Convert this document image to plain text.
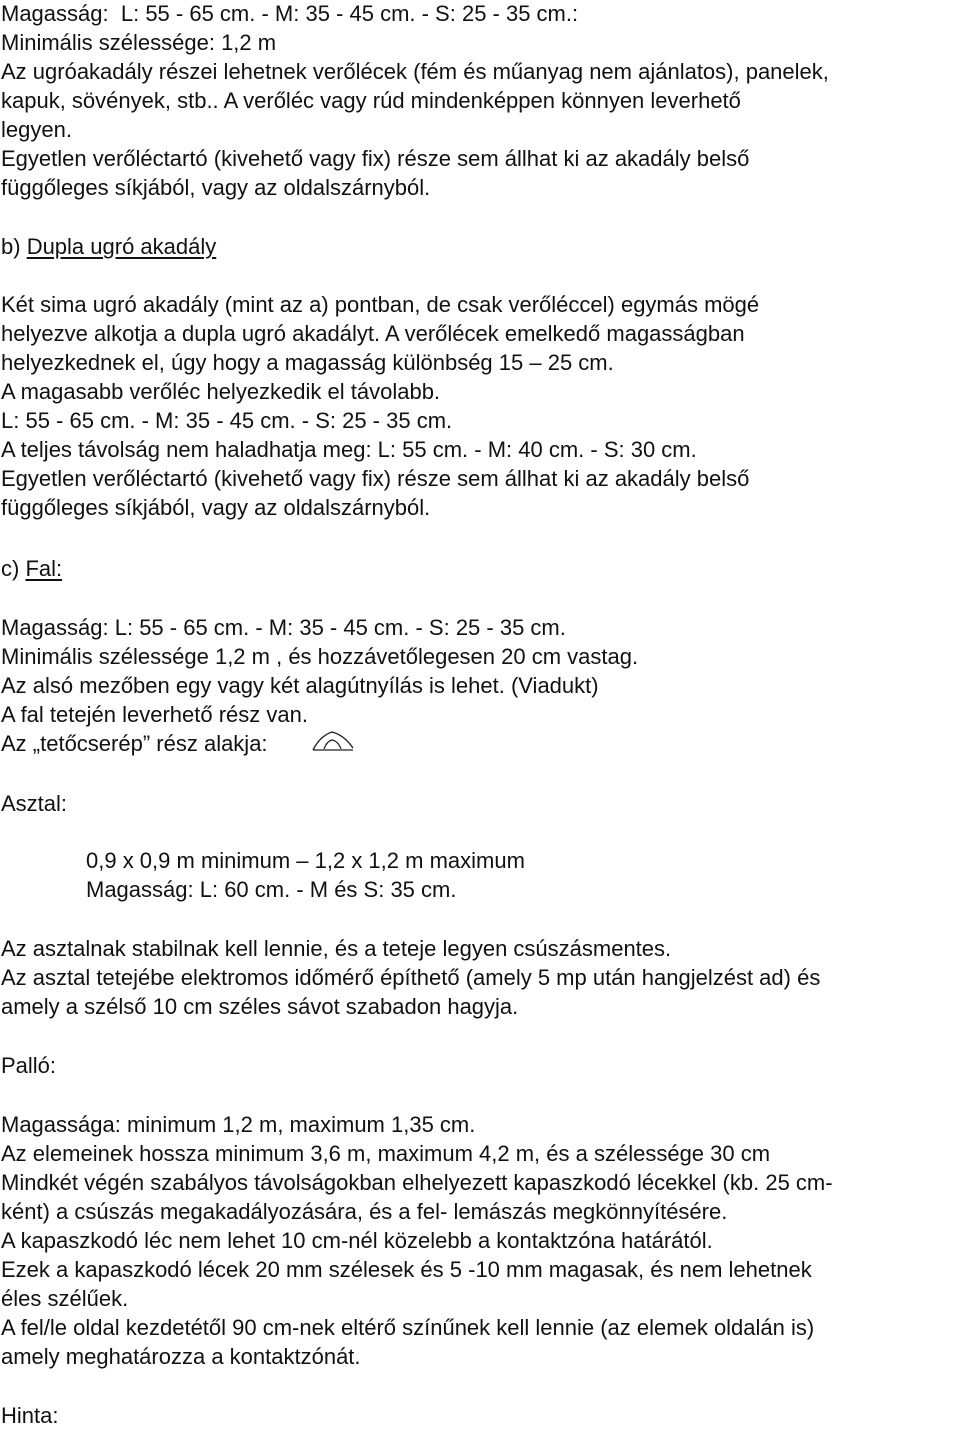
Magasság: L: 55 - 65 cm. - M: 35 - 45 cm. - S: 25 - 35 cm.:
Minimális szélessége: 1,2 m
Az ugróakadály részei lehetnek verőlécek (fém és műanyag nem ajánlatos), panelek,
kapuk, sövények, stb.. A verőléc vagy rúd mindenképpen könnyen leverhető
legyen.
Egyetlen verőléctartó (kivehető vagy fix) része sem állhat ki az akadály belső
függőleges síkjából, vagy az oldalszárnyból.
b) Dupla ugró akadály
Két sima ugró akadály (mint az a) pontban, de csak verőléccel) egymás mögé
helyezve alkotja a dupla ugró akadályt. A verőlécek emelkedő magasságban
helyezkednek el, úgy hogy a magasság különbség 15 – 25 cm.
A magasabb verőléc helyezkedik el távolabb.
L: 55 - 65 cm. - M: 35 - 45 cm. - S: 25 - 35 cm.
A teljes távolság nem haladhatja meg: L: 55 cm. - M: 40 cm. - S: 30 cm.
Egyetlen verőléctartó (kivehető vagy fix) része sem állhat ki az akadály belső
függőleges síkjából, vagy az oldalszárnyból.
c) Fal:
Magasság: L: 55 - 65 cm. - M: 35 - 45 cm. - S: 25 - 35 cm.
Minimális szélessége 1,2 m , és hozzávetőlegesen 20 cm vastag.
Az alsó mezőben egy vagy két alagútnyílás is lehet. (Viadukt)
A fal tetején leverhető rész van.
Az „tetőcserép” rész alakja:
Asztal:
0,9 x 0,9 m minimum – 1,2 x 1,2 m maximum
Magasság: L: 60 cm. - M és S: 35 cm.
Az asztalnak stabilnak kell lennie, és a teteje legyen csúszásmentes.
Az asztal tetejébe elektromos időmérő építhető (amely 5 mp után hangjelzést ad) és
amely a szélső 10 cm széles sávot szabadon hagyja.
Palló:
Magassága: minimum 1,2 m, maximum 1,35 cm.
Az elemeinek hossza minimum 3,6 m, maximum 4,2 m, és a szélessége 30 cm
Mindkét végén szabályos távolságokban elhelyezett kapaszkodó lécekkel (kb. 25 cm-
ként) a csúszás megakadályozására, és a fel- lemászás megkönnyítésére.
A kapaszkodó léc nem lehet 10 cm-nél közelebb a kontaktzóna határától.
Ezek a kapaszkodó lécek 20 mm szélesek és 5 -10 mm magasak, és nem lehetnek
éles szélűek.
A fel/le oldal kezdetétől 90 cm-nek eltérő színűnek kell lennie (az elemek oldalán is)
amely meghatározza a kontaktzónát.
Hinta:
